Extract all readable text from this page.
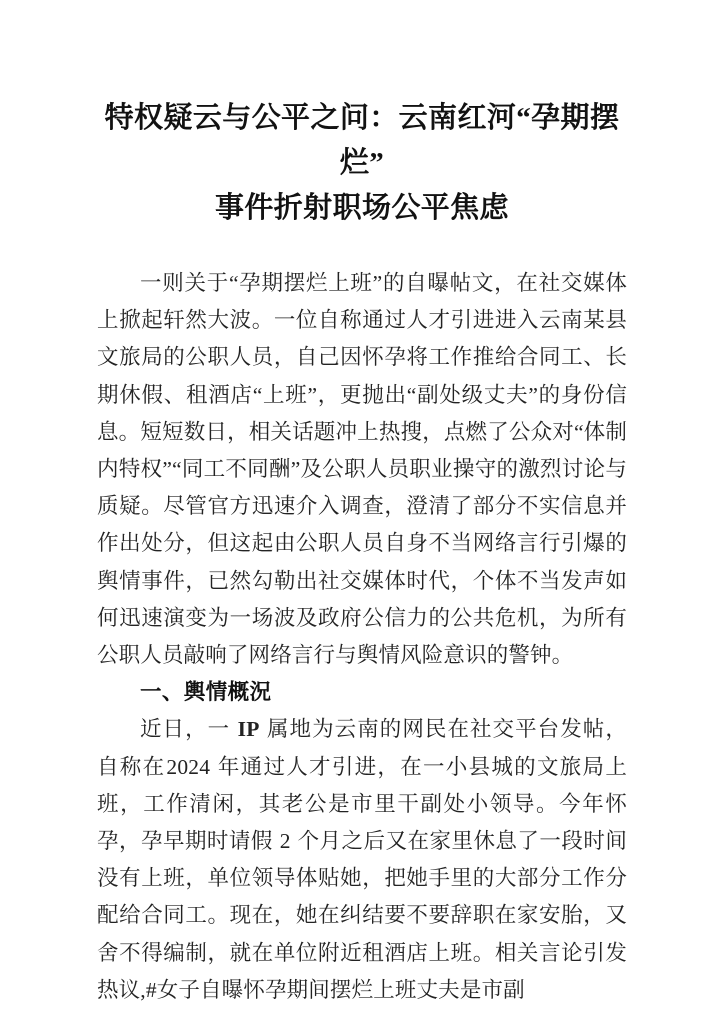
特权疑云与公平之问：云南红河“孕期摆烂”
事件折射职场公平焦虑

一则关于“孕期摆烂上班”的自曝帖文，在社交媒体上掀起轩然大波。一位自称通过人才引进进入云南某县文旅局的公职人员，自己因怀孕将工作推给合同工、长期休假、租酒店“上班”，更抛出“副处级丈夫”的身份信息。短短数日，相关话题冲上热搜，点燃了公众对“体制内特权”“同工不同酬”及公职人员职业操守的激烈讨论与质疑。尽管官方迅速介入调查，澄清了部分不实信息并作出处分，但这起由公职人员自身不当网络言行引爆的舆情事件，已然勾勒出社交媒体时代，个体不当发声如何迅速演变为一场波及政府公信力的公共危机，为所有公职人员敲响了网络言行与舆情风险意识的警钟。

一、輿情概況

近日，一 IP 属地为云南的网民在社交平台发帖，自称在2024 年通过人才引进，在一小县城的文旅局上班，工作清闲，其老公是市里干副处小领导。今年怀孕，孕早期时请假 2 个月之后又在家里休息了一段时间没有上班，单位领导体贴她，把她手里的大部分工作分配给合同工。现在，她在纠结要不要辞职在家安胎，又舍不得编制，就在单位附近租酒店上班。相关言论引发热议,#女子自曝怀孕期间摆烂上班丈夫是市副
